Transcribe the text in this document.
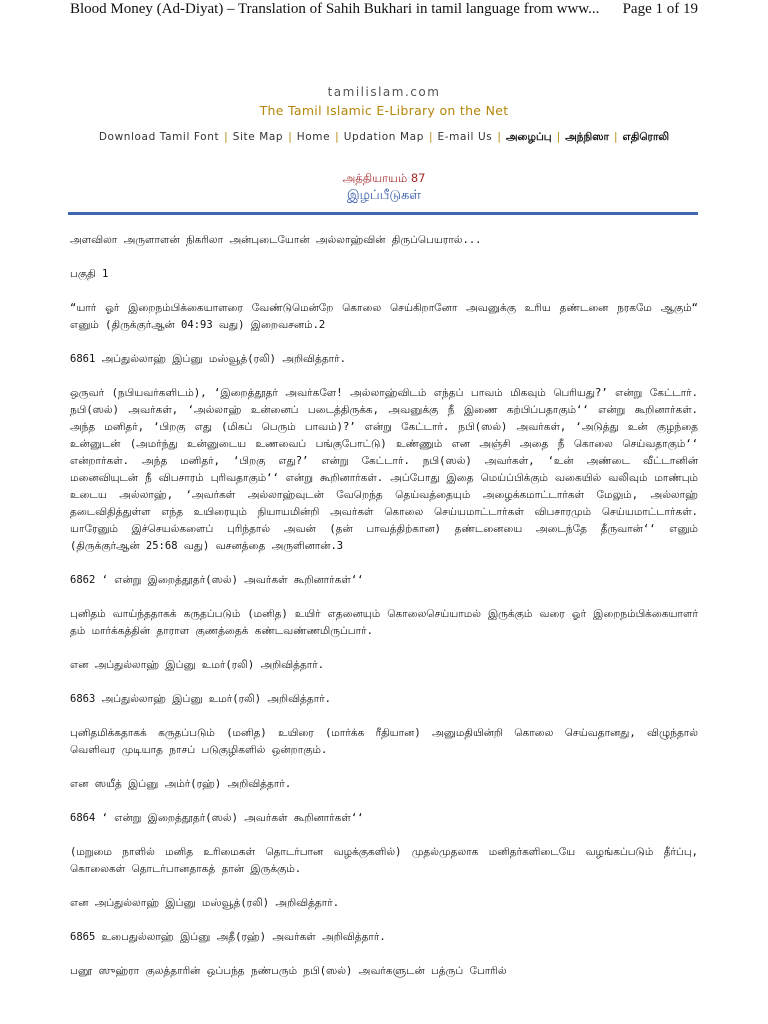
Blood Money (Ad-Diyat) – Translation of Sahih Bukhari in tamil language from www... Page 1 of 19
tamilislam.com
The Tamil Islamic E-Library on the Net
Download Tamil Font | Site Map | Home | Updation Map | E-mail Us | அழைப்பு | அந்நிஸா | எதிரொலி
அத்தியாயம் 87
இழப்பீடுகள்

அளவிலா அருளாளன் நிகரிலா அன்புடையோன் அல்லாஹ்வின் திருப்பெயரால்...

பகுதி 1

“யார் ஓர் இறைநம்பிக்கையாளரை வேண்டுமென்றே கொலை செய்கிறானோ அவனுக்கு உரிய தண்டனை நரகமே ஆகும்“ எனும் (திருக்குர்ஆன் 04:93 வது) இறைவசனம்.2

6861 அப்துல்லாஹ் இப்னு மஸ்வூத்(ரலி) அறிவித்தார்.

ஒருவர் (நபியவர்களிடம்), ‘இறைத்தூதர் அவர்களே! அல்லாஹ்விடம் எந்தப் பாவம் மிகவும் பெரியது?’ என்று கேட்டார். நபி(ஸல்) அவர்கள், ‘அல்லாஹ் உன்னைப் படைத்திருக்க, அவனுக்கு நீ இணை கற்பிப்பதாகும்‘‘ என்று கூறினார்கள். அந்த மனிதர், ‘பிறகு எது (மிகப் பெரும் பாவம்)?’ என்று கேட்டார். நபி(ஸல்) அவர்கள், ‘அடுத்து உன் குழந்தை உன்னுடன் (அமர்ந்து உன்னுடைய உணவைப் பங்குபோட்டு) உண்ணும் என அஞ்சி அதை நீ கொலை செய்வதாகும்‘‘ என்றார்கள். அந்த மனிதர், ‘பிறகு எது?’ என்று கேட்டார். நபி(ஸல்) அவர்கள், ‘உன் அண்டை வீட்டானின் மனைவியுடன் நீ விபசாரம் புரிவதாகும்‘‘ என்று கூறினார்கள். அப்போது இதை மெய்ப்பிக்கும் வகையில் வலிவும் மாண்பும் உடைய அல்லாஹ், ‘அவர்கள் அல்லாஹ்வுடன் வேறெந்த தெய்வத்தையும் அழைக்கமாட்டார்கள் மேலும், அல்லாஹ் தடைவிதித்துள்ள எந்த உயிரையும் நியாயமின்றி அவர்கள் கொலை செய்யமாட்டார்கள் விபசாரமும் செய்யமாட்டார்கள். யாரேனும் இச்செயல்களைப் புரிந்தால் அவன் (தன் பாவத்திற்கான) தண்டனையை அடைந்தே தீருவான்‘‘ எனும் (திருக்குர்ஆன் 25:68 வது) வசனத்தை அருளினான்.3

6862 ‘ என்று இறைத்தூதர்(ஸல்) அவர்கள் கூறினார்கள்‘‘

புனிதம் வாய்ந்ததாகக் கருதப்படும் (மனித) உயிர் எதனையும் கொலைசெய்யாமல் இருக்கும் வரை ஓர் இறைநம்பிக்கையாளர் தம் மார்க்கத்தின் தாராள குணத்தைக் கண்டவண்ணமிருப்பார்.

என அப்துல்லாஹ் இப்னு உமர்(ரலி) அறிவித்தார்.

6863 அப்துல்லாஹ் இப்னு உமர்(ரலி) அறிவித்தார்.

புனிதமிக்கதாகக் கருதப்படும் (மனித) உயிரை (மார்க்க ரீதியான) அனுமதியின்றி கொலை செய்வதானது, விழுந்தால் வெளிவர முடியாத நாசப் படுகுழிகளில் ஒன்றாகும்.

என ஸயீத் இப்னு அம்ர்(ரஹ்) அறிவித்தார்.

6864 ‘ என்று இறைத்தூதர்(ஸல்) அவர்கள் கூறினார்கள்‘‘

(மறுமை நாளில் மனித உரிமைகள் தொடர்பான வழக்குகளில்) முதல்முதலாக மனிதர்களிடையே வழங்கப்படும் தீர்ப்பு, கொலைகள் தொடர்பானதாகத் தான் இருக்கும்.

என அப்துல்லாஹ் இப்னு மஸ்வூத்(ரலி) அறிவித்தார்.

6865 உபைதுல்லாஹ் இப்னு அதீ(ரஹ்) அவர்கள் அறிவித்தார்.

பனூ ஸுஹ்ரா குலத்தாரின் ஒப்பந்த நண்பரும் நபி(ஸல்) அவர்களுடன் பத்ருப் போரில்
